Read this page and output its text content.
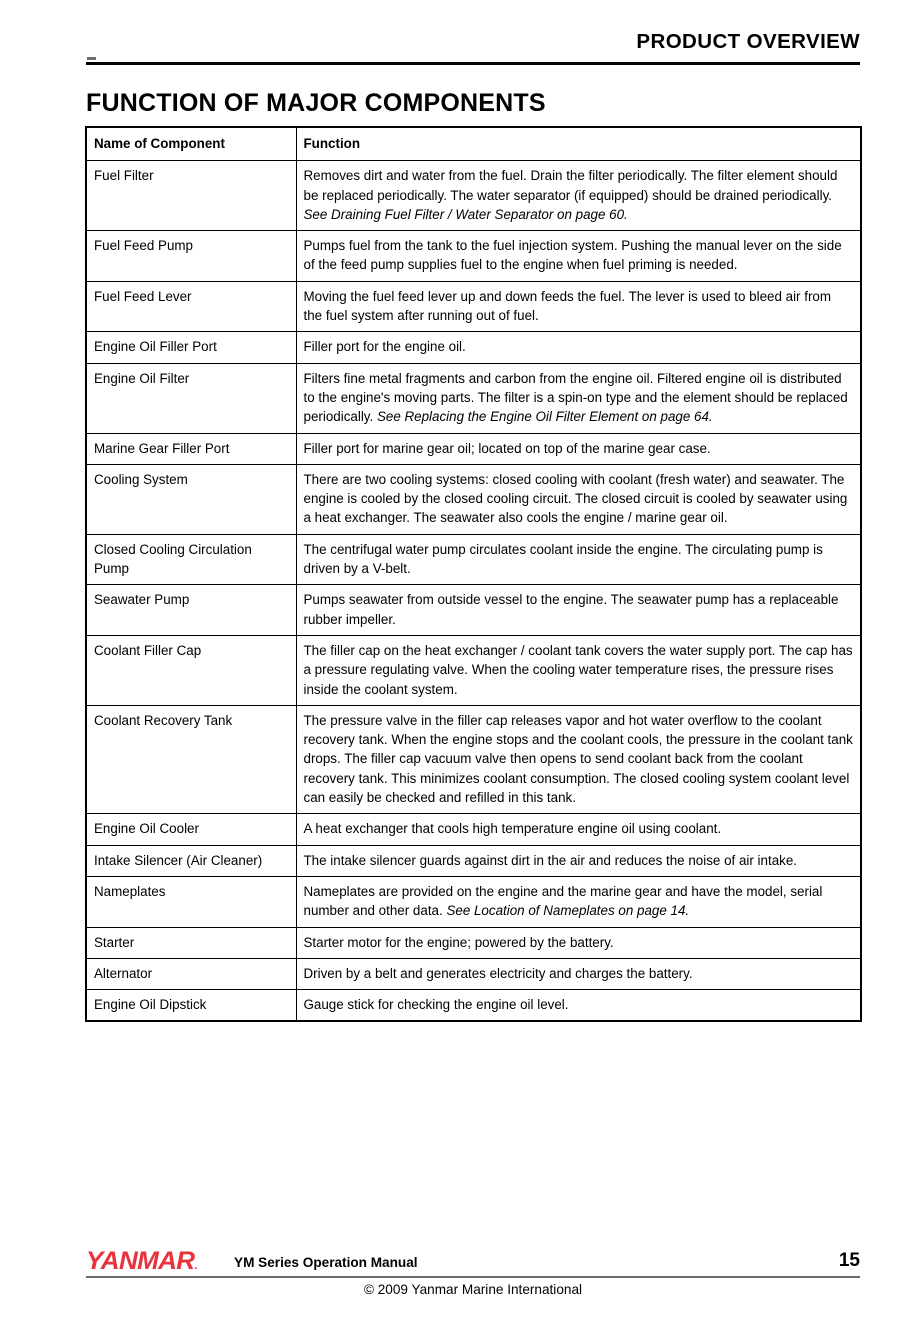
PRODUCT OVERVIEW
FUNCTION OF MAJOR COMPONENTS
Name of Component	Function
Fuel Filter	Removes dirt and water from the fuel. Drain the filter periodically. The filter element should be replaced periodically. The water separator (if equipped) should be drained periodically. See Draining Fuel Filter / Water Separator on page 60.
Fuel Feed Pump	Pumps fuel from the tank to the fuel injection system. Pushing the manual lever on the side of the feed pump supplies fuel to the engine when fuel priming is needed.
Fuel Feed Lever	Moving the fuel feed lever up and down feeds the fuel. The lever is used to bleed air from the fuel system after running out of fuel.
Engine Oil Filler Port	Filler port for the engine oil.
Engine Oil Filter	Filters fine metal fragments and carbon from the engine oil. Filtered engine oil is distributed to the engine's moving parts. The filter is a spin-on type and the element should be replaced periodically. See Replacing the Engine Oil Filter Element on page 64.
Marine Gear Filler Port	Filler port for marine gear oil; located on top of the marine gear case.
Cooling System	There are two cooling systems: closed cooling with coolant (fresh water) and seawater. The engine is cooled by the closed cooling circuit. The closed circuit is cooled by seawater using a heat exchanger. The seawater also cools the engine / marine gear oil.
Closed Cooling Circulation Pump	The centrifugal water pump circulates coolant inside the engine. The circulating pump is driven by a V-belt.
Seawater Pump	Pumps seawater from outside vessel to the engine. The seawater pump has a replaceable rubber impeller.
Coolant Filler Cap	The filler cap on the heat exchanger / coolant tank covers the water supply port. The cap has a pressure regulating valve. When the cooling water temperature rises, the pressure rises inside the coolant system.
Coolant Recovery Tank	The pressure valve in the filler cap releases vapor and hot water overflow to the coolant recovery tank. When the engine stops and the coolant cools, the pressure in the coolant tank drops. The filler cap vacuum valve then opens to send coolant back from the coolant recovery tank. This minimizes coolant consumption. The closed cooling system coolant level can easily be checked and refilled in this tank.
Engine Oil Cooler	A heat exchanger that cools high temperature engine oil using coolant.
Intake Silencer (Air Cleaner)	The intake silencer guards against dirt in the air and reduces the noise of air intake.
Nameplates	Nameplates are provided on the engine and the marine gear and have the model, serial number and other data. See Location of Nameplates on page 14.
Starter	Starter motor for the engine; powered by the battery.
Alternator	Driven by a belt and generates electricity and charges the battery.
Engine Oil Dipstick	Gauge stick for checking the engine oil level.
YANMAR.	YM Series Operation Manual	15
© 2009 Yanmar Marine International
